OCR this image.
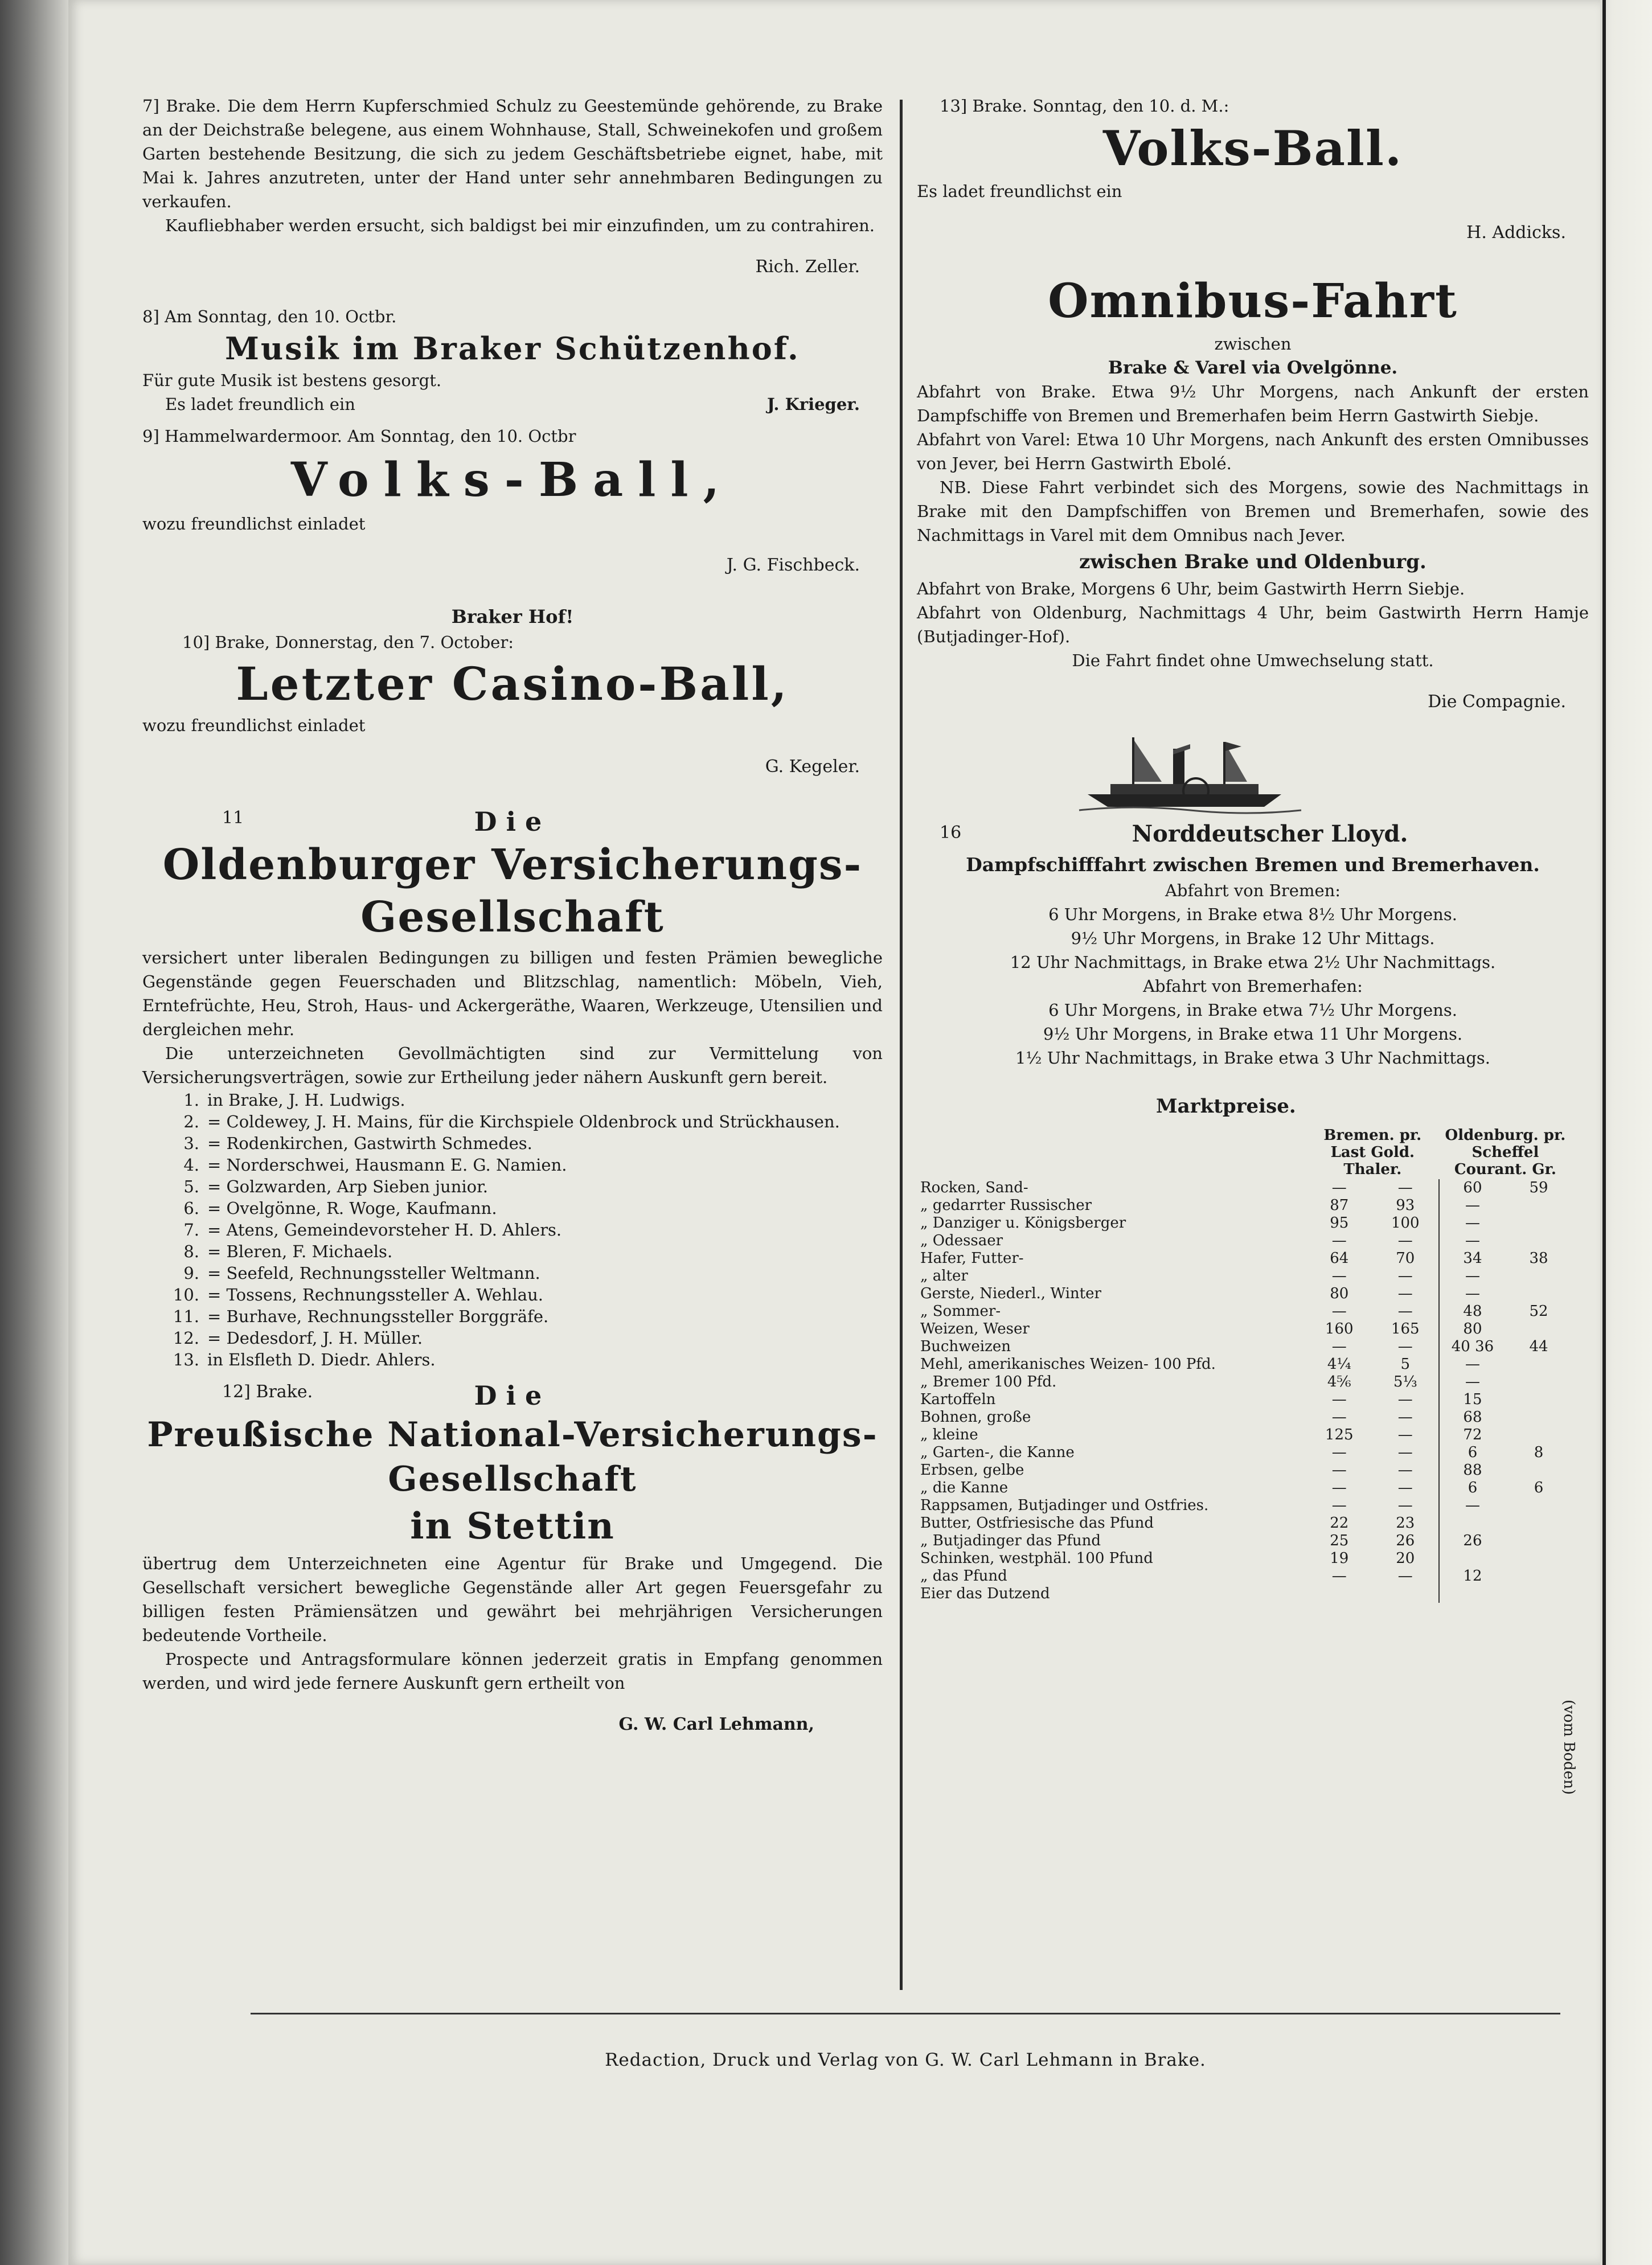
7] Brake. Die dem Herrn Kupferschmied Schulz zu Geestemünde gehörende, zu Brake an der Deichstraße belegene, aus einem Wohnhause, Stall, Schweinekofen und großem Garten bestehende Besitzung, die sich zu jedem Geschäftsbetriebe eignet, habe, mit Mai k. Jahres anzutreten, unter der Hand unter sehr annehmbaren Bedingungen zu verkaufen.

Kaufliebhaber werden ersucht, sich baldigst bei mir einzufinden, um zu contrahiren.

Rich. Zeller.

8] Am Sonntag, den 10. Octbr.

Musik im Braker Schützenhof.

Für gute Musik ist bestens gesorgt.

Es ladet freundlich ein	J. Krieger.

9] Hammelwardermoor. Am Sonntag, den 10. Octbr

Volks-Ball,

wozu freundlichst einladet

J. G. Fischbeck.

Braker Hof!

10] Brake, Donnerstag, den 7. October:

Letzter Casino-Ball,

wozu freundlichst einladet

G. Kegeler.

11	Die
Oldenburger Versicherungs-Gesellschaft

versichert unter liberalen Bedingungen zu billigen und festen Prämien bewegliche Gegenstände gegen Feuerschaden und Blitzschlag, namentlich: Möbeln, Vieh, Erntefrüchte, Heu, Stroh, Haus- und Ackergeräthe, Waaren, Werkzeuge, Utensilien und dergleichen mehr.

Die unterzeichneten Gevollmächtigten sind zur Vermittelung von Versicherungsverträgen, sowie zur Ertheilung jeder nähern Auskunft gern bereit.

1. in Brake, J. H. Ludwigs.

2. = Coldewey, J. H. Mains, für die Kirchspiele Oldenbrock und Strückhausen.

3. = Rodenkirchen, Gastwirth Schmedes.

4. = Norderschwei, Hausmann E. G. Namien.

5. = Golzwarden, Arp Sieben junior.

6. = Ovelgönne, R. Woge, Kaufmann.

7. = Atens, Gemeindevorsteher H. D. Ahlers.

8. = Bleren, F. Michaels.

9. = Seefeld, Rechnungssteller Weltmann.

10. = Tossens, Rechnungssteller A. Wehlau.

11. = Burhave, Rechnungssteller Borggräfe.

12. = Dedesdorf, J. H. Müller.

13. in Elsfleth D. Diedr. Ahlers.

12] Brake.	Die
Preußische National-Versicherungs-Gesellschaft
in Stettin

übertrug dem Unterzeichneten eine Agentur für Brake und Umgegend. Die Gesellschaft versichert bewegliche Gegenstände aller Art gegen Feuersgefahr zu billigen festen Prämiensätzen und gewährt bei mehrjährigen Versicherungen bedeutende Vortheile.

Prospecte und Antragsformulare können jederzeit gratis in Empfang genommen werden, und wird jede fernere Auskunft gern ertheilt von

G. W. Carl Lehmann,

13] Brake. Sonntag, den 10. d. M.:

Volks-Ball.

Es ladet freundlichst ein

H. Addicks.

Omnibus-Fahrt

zwischen

Brake & Varel via Ovelgönne.

Abfahrt von Brake. Etwa 9½ Uhr Morgens, nach Ankunft der ersten Dampfschiffe von Bremen und Bremerhafen beim Herrn Gastwirth Siebje.

Abfahrt von Varel: Etwa 10 Uhr Morgens, nach Ankunft des ersten Omnibusses von Jever, bei Herrn Gastwirth Ebolé.

NB. Diese Fahrt verbindet sich des Morgens, sowie des Nachmittags in Brake mit den Dampfschiffen von Bremen und Bremerhafen, sowie des Nachmittags in Varel mit dem Omnibus nach Jever.

zwischen Brake und Oldenburg.

Abfahrt von Brake, Morgens 6 Uhr, beim Gastwirth Herrn Siebje.

Abfahrt von Oldenburg, Nachmittags 4 Uhr, beim Gastwirth Herrn Hamje (Butjadinger-Hof).

Die Fahrt findet ohne Umwechselung statt.

Die Compagnie.

16	Norddeutscher Lloyd.

Dampfschifffahrt zwischen Bremen und Bremerhaven.

Abfahrt von Bremen:

6 Uhr Morgens, in Brake etwa 8½ Uhr Morgens.

9½ Uhr Morgens, in Brake 12 Uhr Mittags.

12 Uhr Nachmittags, in Brake etwa 2½ Uhr Nachmittags.

Abfahrt von Bremerhafen:

6 Uhr Morgens, in Brake etwa 7½ Uhr Morgens.

9½ Uhr Morgens, in Brake etwa 11 Uhr Morgens.

1½ Uhr Nachmittags, in Brake etwa 3 Uhr Nachmittags.

Marktpreise.
	Bremen. pr. Last Gold. Thaler.		Oldenburg. pr. Scheffel Courant. Gr.	
Rocken, Sand-	—	—	60	59
„ gedarrter Russischer	87	93	—	
„ Danziger u. Königsberger	95	100	—	
„ Odessaer	—	—	—	
Hafer, Futter-	64	70	34	38
„ alter	—	—	—	
Gerste, Niederl., Winter	80	—	—	
„ Sommer-	—	—	48	52
Weizen, Weser	160	165	80	
Buchweizen	—	—	40 36	44
Mehl, amerikanisches Weizen- 100 Pfd.	4¼	5	—	
„ Bremer 100 Pfd.	4⅚	5⅓	—	
Kartoffeln	—	—	15	
Bohnen, große	—	—	68	
„ kleine	125	—	72	
„ Garten-, die Kanne	—	—	6	8
Erbsen, gelbe	—	—	88	
„ die Kanne	—	—	6	6
Rappsamen, Butjadinger und Ostfries.	—	—	—	
Butter, Ostfriesische das Pfund	22	23		
„ Butjadinger das Pfund	25	26	26	
Schinken, westphäl. 100 Pfund	19	20		
„ das Pfund	—	—	12	
Eier das Dutzend				
(vom Boden)
Redaction, Druck und Verlag von G. W. Carl Lehmann in Brake.
